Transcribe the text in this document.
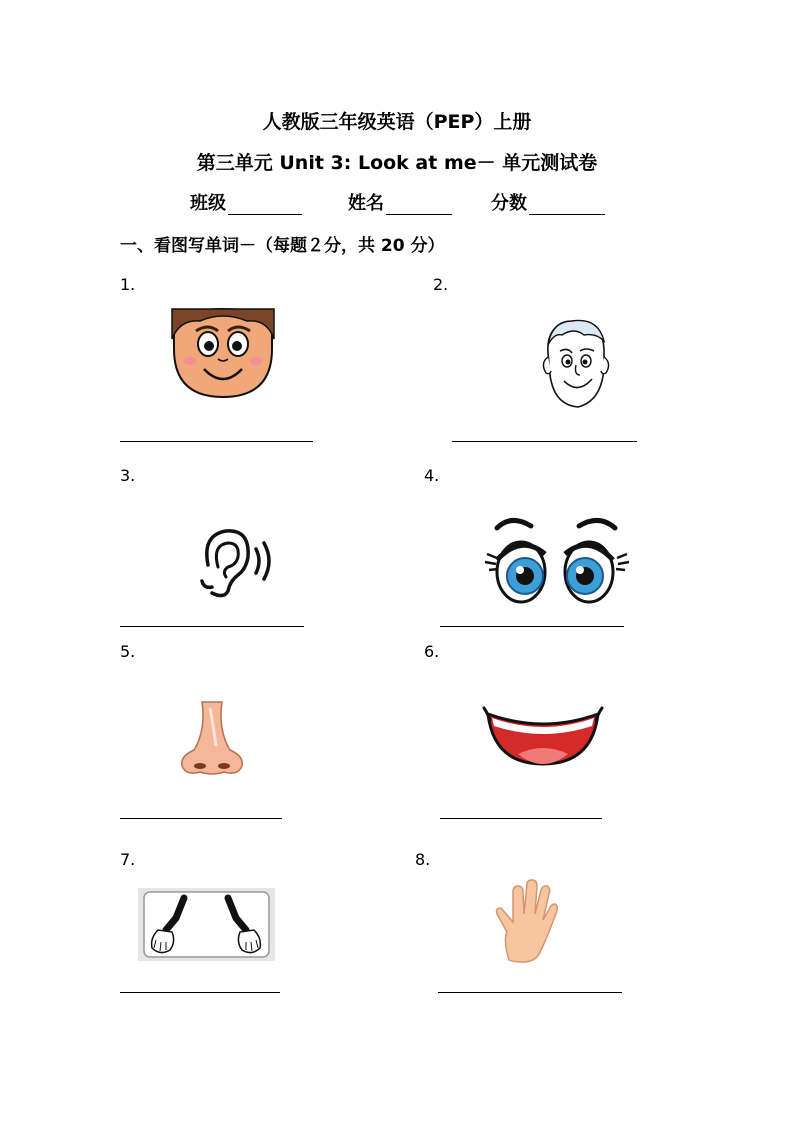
人教版三年级英语（PEP）上册
第三单元 Unit 3: Look at me－ 单元测试卷
班级	姓名	分数
一、看图写单词－（每题２分，共 20 分）
1.	2.
3.	4.
5.	6.
7.	8.
